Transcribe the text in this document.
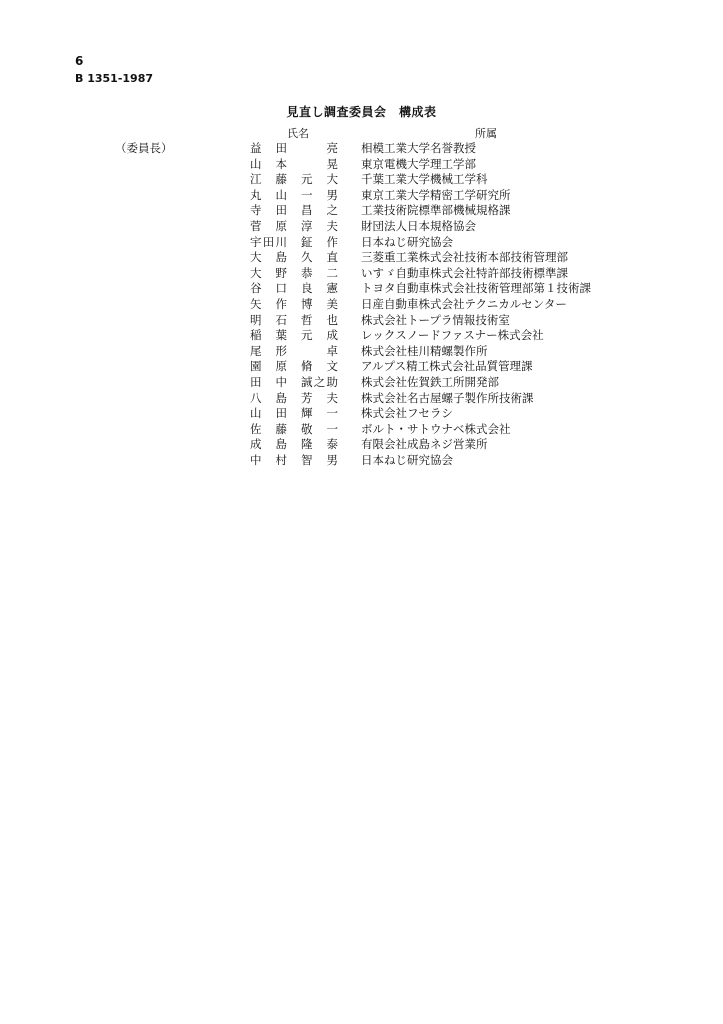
6
B 1351-1987
見直し調査委員会　構成表
氏名	所属
（委員長）	益　田　　　亮 相模工業大学名誉教授
山　本　　　晃 東京電機大学理工学部
江　藤　元　大 千葉工業大学機械工学科
丸　山　一　男 東京工業大学精密工学研究所
寺　田　昌　之 工業技術院標準部機械規格課
菅　原　淳　夫 財団法人日本規格協会
宇田川　鉦　作 日本ねじ研究協会
大　島　久　直 三菱重工業株式会社技術本部技術管理部
大　野　恭　二 いすゞ自動車株式会社特許部技術標準課
谷　口　良　憲 トヨタ自動車株式会社技術管理部第１技術課
矢　作　博　美 日産自動車株式会社テクニカルセンター
明　石　哲　也 株式会社トープラ情報技術室
稲　葉　元　成 レックスノードファスナー株式会社
尾　形　　　卓 株式会社桂川精螺製作所
園　原　脩　文 アルプス精工株式会社品質管理課
田　中　誠之助 株式会社佐賀鉄工所開発部
八　島　芳　夫 株式会社名古屋螺子製作所技術課
山　田　輝　一 株式会社フセラシ
佐　藤　敬　一 ボルト・サトウナベ株式会社
成　島　隆　泰 有限会社成島ネジ営業所
中　村　智　男 日本ねじ研究協会
